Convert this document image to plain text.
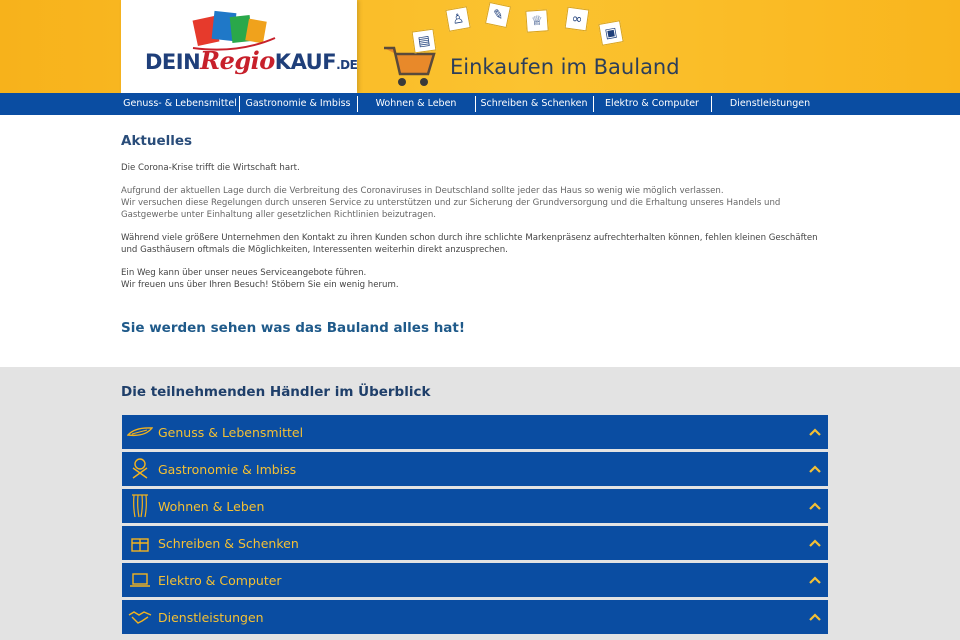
DEINRegioKAUF.DE
▤
♙	✎	♕	∞
▣
Einkaufen im Bauland
Genuss- & Lebensmittel Gastronomie & Imbiss	Wohnen & Leben	Schreiben & Schenken	Elektro & Computer	Dienstleistungen
Aktuelles
Die Corona-Krise trifft die Wirtschaft hart.
Aufgrund der aktuellen Lage durch die Verbreitung des Coronaviruses in Deutschland sollte jeder das Haus so wenig wie möglich verlassen.
Wir versuchen diese Regelungen durch unseren Service zu unterstützen und zur Sicherung der Grundversorgung und die Erhaltung unseres Handels und Gastgewerbe unter Einhaltung aller gesetzlichen Richtlinien beizutragen.
Während viele größere Unternehmen den Kontakt zu ihren Kunden schon durch ihre schlichte Markenpräsenz aufrechterhalten können, fehlen kleinen Geschäften und Gasthäusern oftmals die Möglichkeiten, Interessenten weiterhin direkt anzusprechen.
Ein Weg kann über unser neues Serviceangebote führen.
Wir freuen uns über Ihren Besuch! Stöbern Sie ein wenig herum.
Sie werden sehen was das Bauland alles hat!
Die teilnehmenden Händler im Überblick
Genuss & Lebensmittel
Gastronomie & Imbiss
Wohnen & Leben
Schreiben & Schenken
Elektro & Computer
Dienstleistungen
